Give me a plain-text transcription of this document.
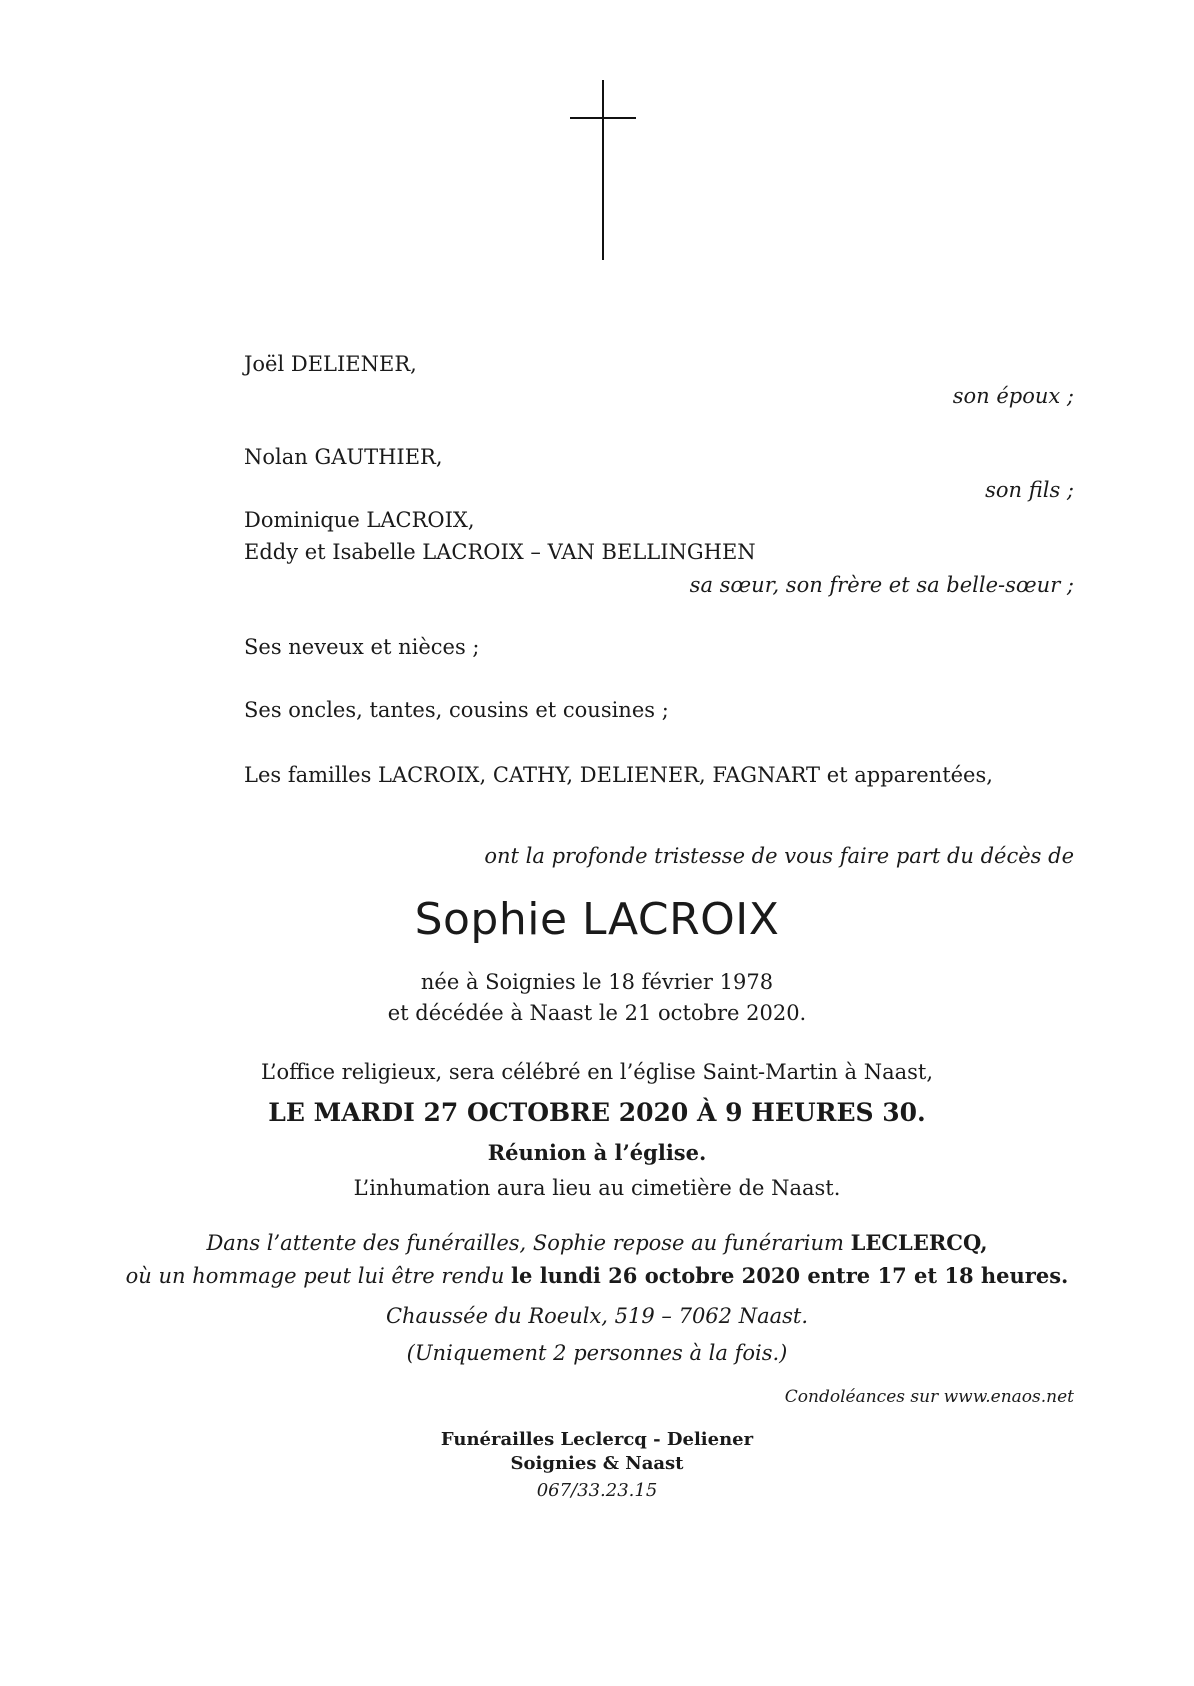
Joël DELIENER,
son époux ;
Nolan GAUTHIER,
son fils ;
Dominique LACROIX,
Eddy et Isabelle LACROIX – VAN BELLINGHEN
sa sœur, son frère et sa belle-sœur ;
Ses neveux et nièces ;
Ses oncles, tantes, cousins et cousines ;
Les familles LACROIX, CATHY, DELIENER, FAGNART et apparentées,
ont la profonde tristesse de vous faire part du décès de
Sophie LACROIX
née à Soignies le 18 février 1978
et décédée à Naast le 21 octobre 2020.
L’office religieux, sera célébré en l’église Saint-Martin à Naast,
LE MARDI 27 OCTOBRE 2020 À 9 HEURES 30.
Réunion à l’église.
L’inhumation aura lieu au cimetière de Naast.
Dans l’attente des funérailles, Sophie repose au funérarium LECLERCQ,
où un hommage peut lui être rendu le lundi 26 octobre 2020 entre 17 et 18 heures.
Chaussée du Roeulx, 519 – 7062 Naast.
(Uniquement 2 personnes à la fois.)
Condoléances sur www.enaos.net
Funérailles Leclercq - Deliener
Soignies & Naast
067/33.23.15
